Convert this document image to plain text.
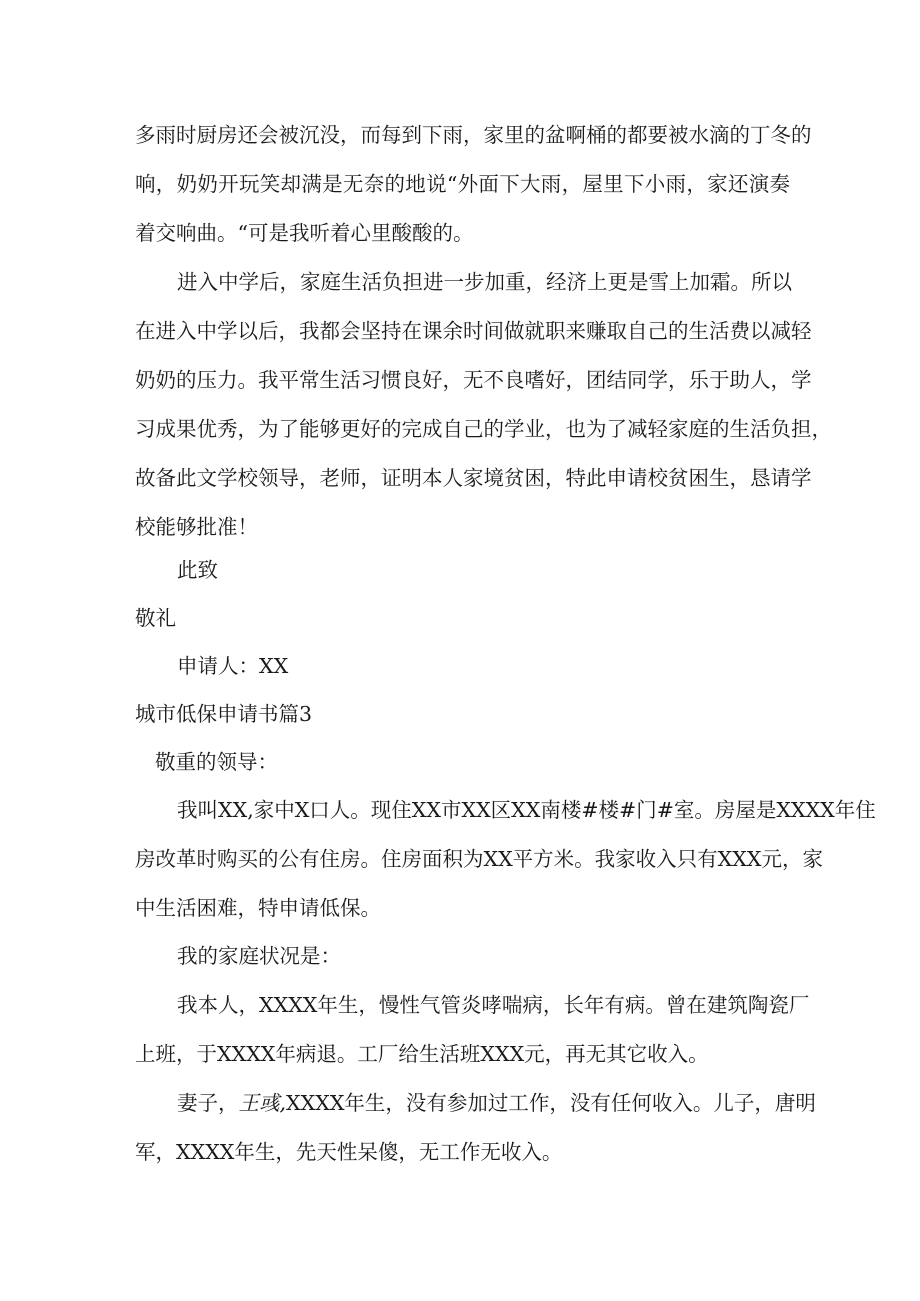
多雨时厨房还会被沉没，而每到下雨，家里的盆啊桶的都要被水滴的丁冬的
响，奶奶开玩笑却满是无奈的地说“外面下大雨，屋里下小雨，家还演奏
着交响曲。“可是我听着心里酸酸的。
进入中学后，家庭生活负担进一步加重，经济上更是雪上加霜。所以
在进入中学以后，我都会坚持在课余时间做就职来赚取自己的生活费以减轻
奶奶的压力。我平常生活习惯良好，无不良嗜好，团结同学，乐于助人，学
习成果优秀，为了能够更好的完成自己的学业，也为了减轻家庭的生活负担，
故备此文学校领导，老师，证明本人家境贫困，特此申请校贫困生，恳请学
校能够批准！
此致
敬礼
申请人：XX
城市低保申请书篇3
敬重的领导：
我叫XX,家中X口人。现住XX市XX区XX南楼#楼#门#室。房屋是XXXX年住
房改革时购买的公有住房。住房面积为XX平方米。我家收入只有XXX元，家
中生活困难，特申请低保。
我的家庭状况是：
我本人，XXXX年生，慢性气管炎哮喘病，长年有病。曾在建筑陶瓷厂
上班，于XXXX年病退。工厂给生活班XXX元，再无其它收入。
妻子，王彧,XXXX年生，没有参加过工作，没有任何收入。儿子，唐明
军，XXXX年生，先天性呆傻，无工作无收入。
